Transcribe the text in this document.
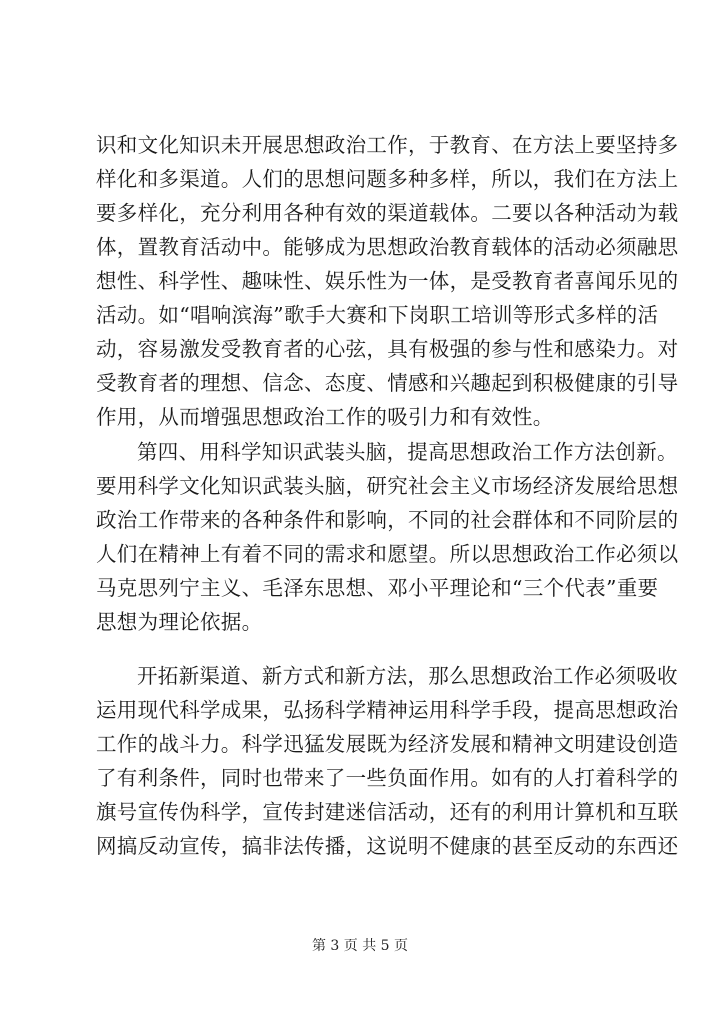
识和文化知识未开展思想政治工作，于教育、在方法上要坚持多
样化和多渠道。人们的思想问题多种多样，所以，我们在方法上
要多样化，充分利用各种有效的渠道载体。二要以各种活动为载
体，置教育活动中。能够成为思想政治教育载体的活动必须融思
想性、科学性、趣味性、娱乐性为一体，是受教育者喜闻乐见的
活动。如“唱响滨海”歌手大赛和下岗职工培训等形式多样的活
动，容易激发受教育者的心弦，具有极强的参与性和感染力。对
受教育者的理想、信念、态度、情感和兴趣起到积极健康的引导
作用，从而增强思想政治工作的吸引力和有效性。
第四、用科学知识武装头脑，提高思想政治工作方法创新。
要用科学文化知识武装头脑，研究社会主义市场经济发展给思想
政治工作带来的各种条件和影响，不同的社会群体和不同阶层的
人们在精神上有着不同的需求和愿望。所以思想政治工作必须以
马克思列宁主义、毛泽东思想、邓小平理论和“三个代表”重要
思想为理论依据。
开拓新渠道、新方式和新方法，那么思想政治工作必须吸收
运用现代科学成果，弘扬科学精神运用科学手段，提高思想政治
工作的战斗力。科学迅猛发展既为经济发展和精神文明建设创造
了有利条件，同时也带来了一些负面作用。如有的人打着科学的
旗号宣传伪科学，宣传封建迷信活动，还有的利用计算机和互联
网搞反动宣传，搞非法传播，这说明不健康的甚至反动的东西还
第 3 页 共 5 页
